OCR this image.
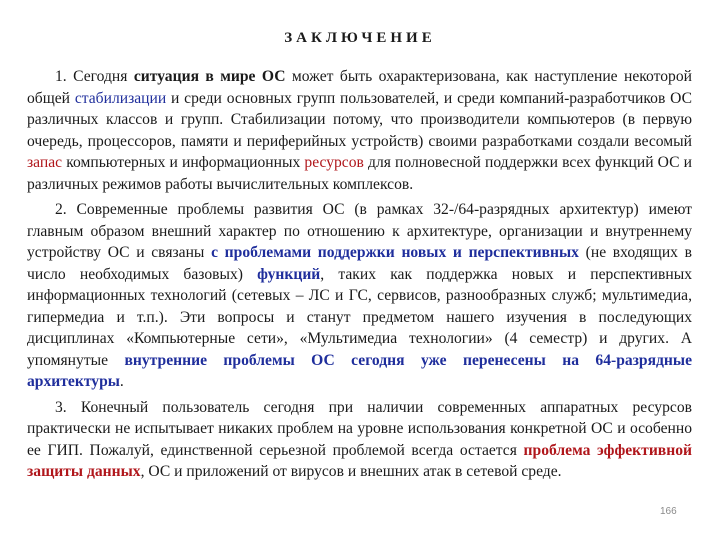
ЗАКЛЮЧЕНИЕ

1. Сегодня ситуация в мире ОС может быть охарактеризована, как наступление некоторой общей стабилизации и среди основных групп пользователей, и среди компаний-разработчиков ОС различных классов и групп. Стабилизации потому, что производители компьютеров (в первую очередь, процессоров, памяти и периферийных устройств) своими разработками создали весомый запас компьютерных и информационных ресурсов для полновесной поддержки всех функций ОС и различных режимов работы вычислительных комплексов.

2. Современные проблемы развития ОС (в рамках 32-/64-разрядных архитектур) имеют главным образом внешний характер по отношению к архитектуре, организации и внутреннему устройству ОС и связаны с проблемами поддержки новых и перспективных (не входящих в число необходимых базовых) функций, таких как поддержка новых и перспективных информационных технологий (сетевых – ЛС и ГС, сервисов, разнообразных служб; мультимедиа, гипермедиа и т.п.). Эти вопросы и станут предметом нашего изучения в последующих дисциплинах «Компьютерные сети», «Мультимедиа технологии» (4 семестр) и других. А упомянутые внутренние проблемы ОС сегодня уже перенесены на 64-разрядные архитектуры.

3. Конечный пользователь сегодня при наличии современных аппаратных ресурсов практически не испытывает никаких проблем на уровне использования конкретной ОС и особенно ее ГИП. Пожалуй, единственной серьезной проблемой всегда остается проблема эффективной защиты данных, ОС и приложений от вирусов и внешних атак в сетевой среде.

166
